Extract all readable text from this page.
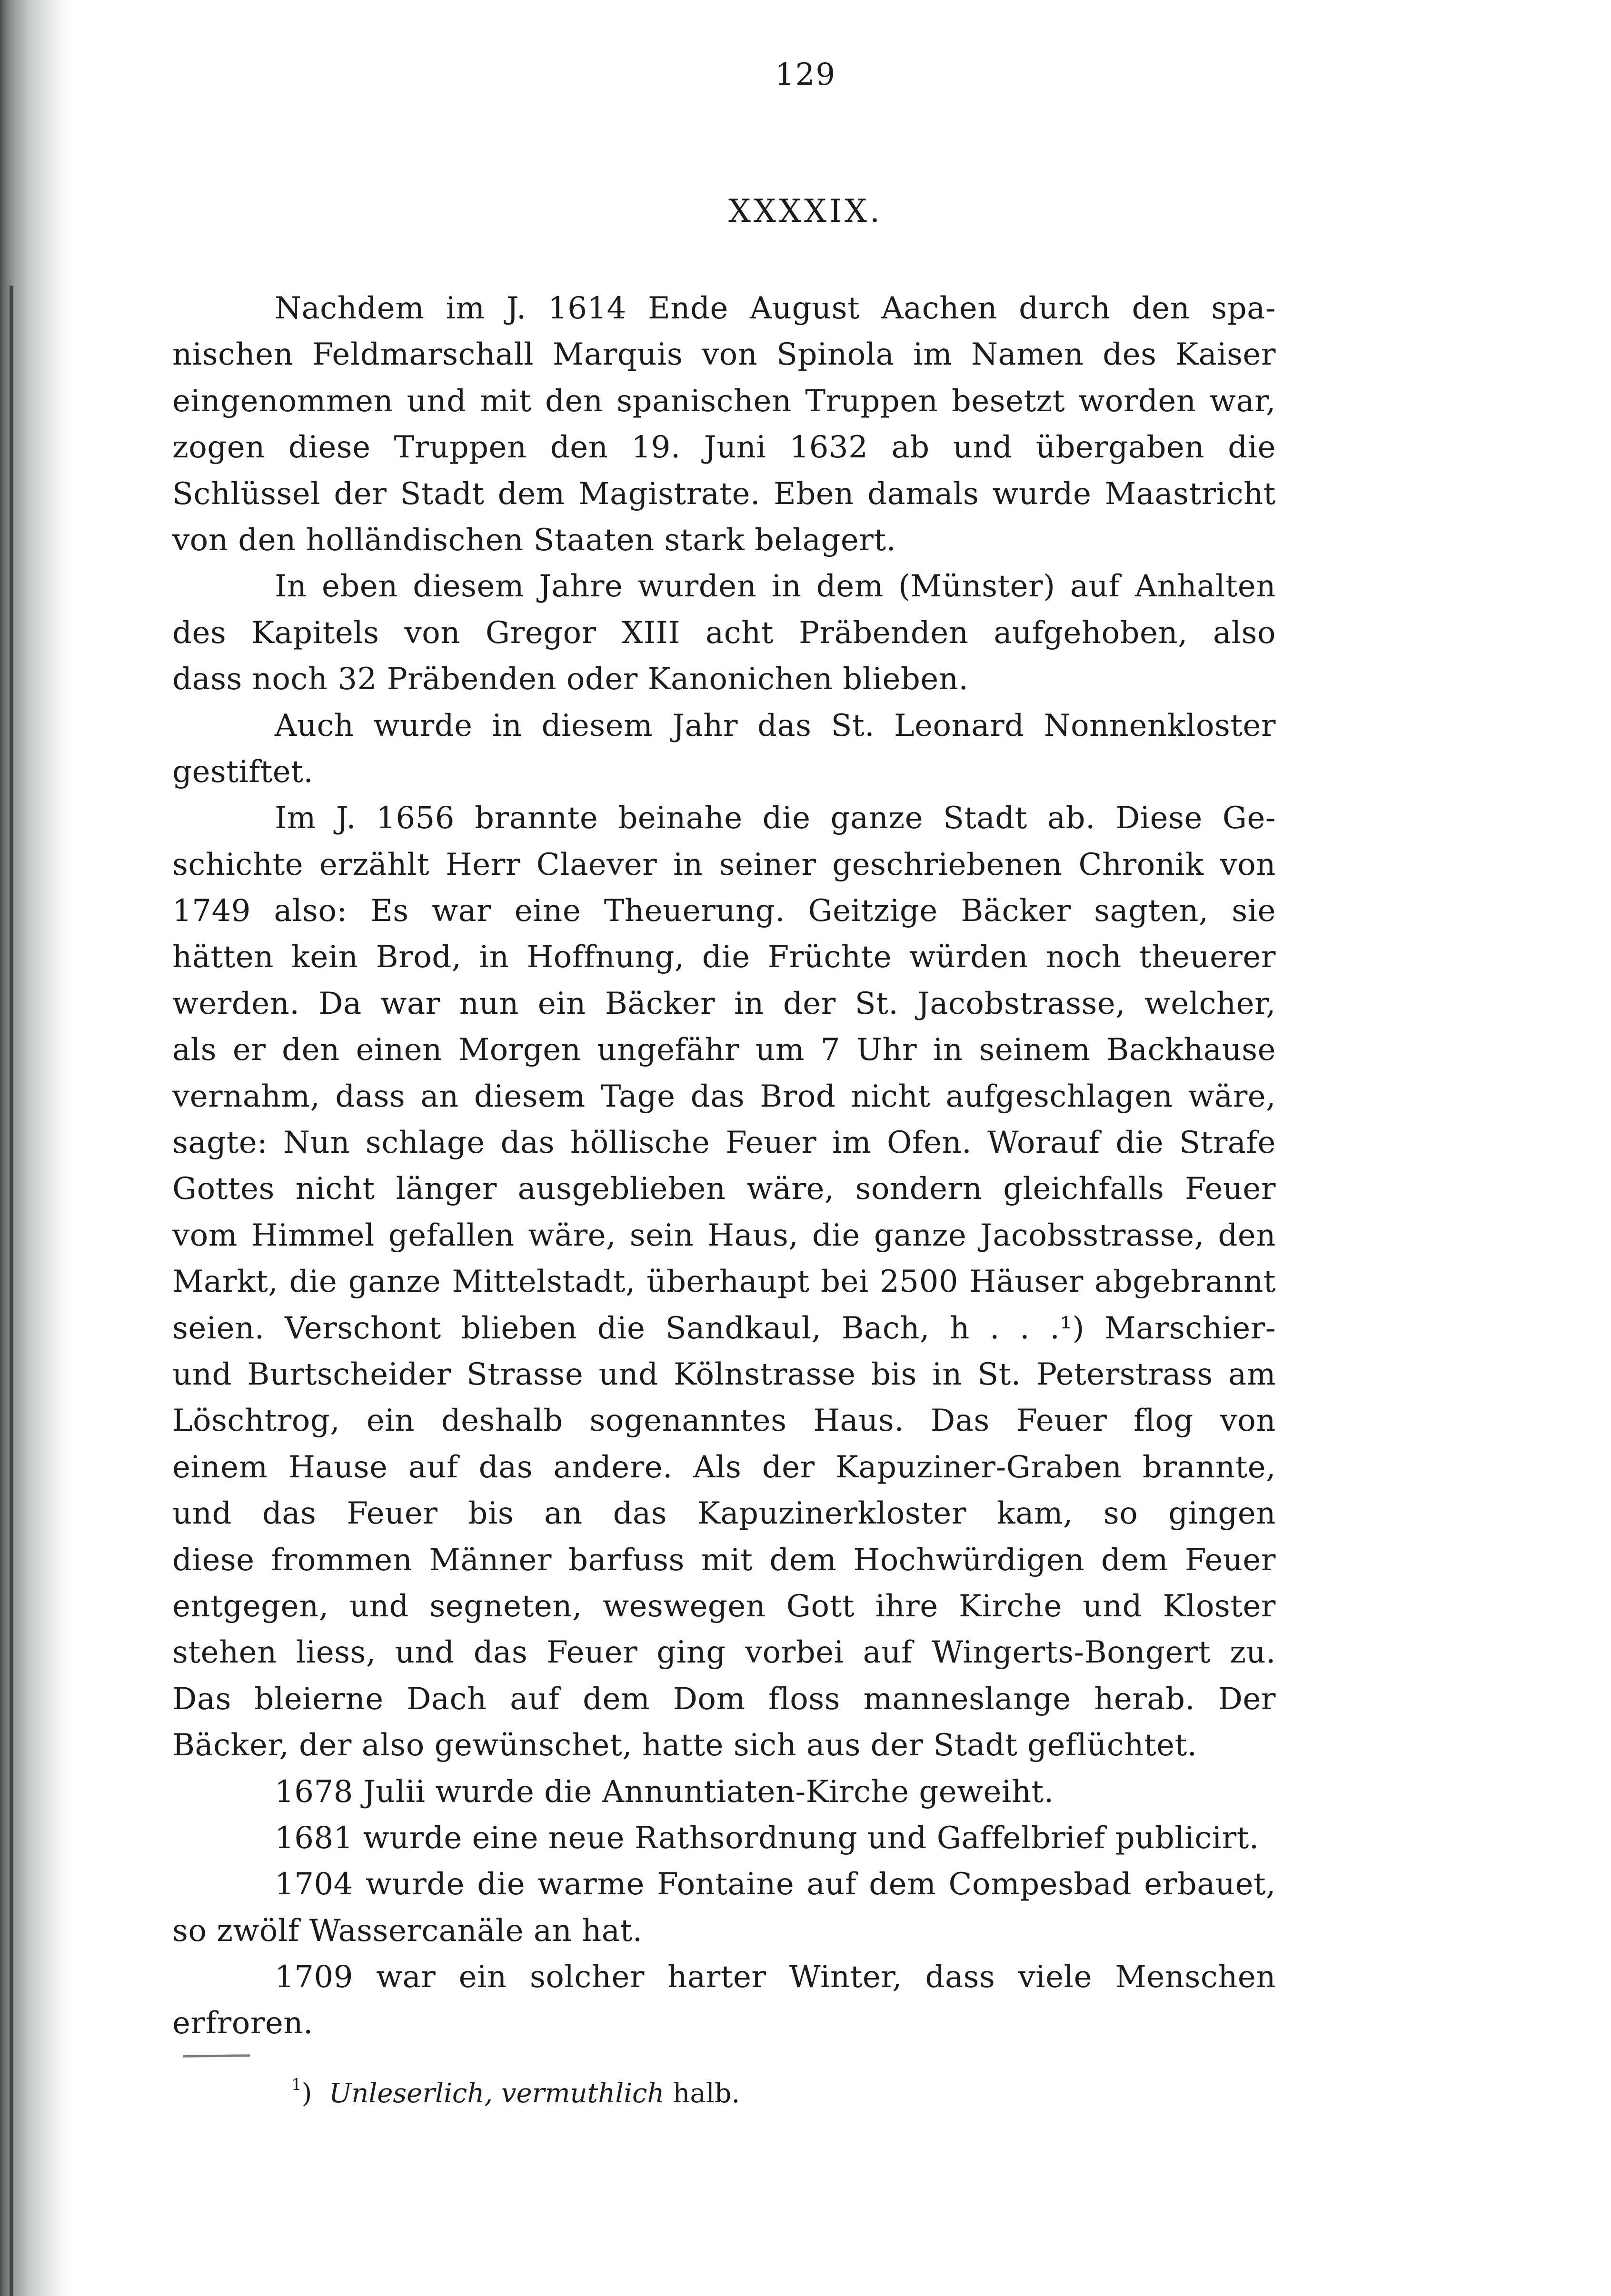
129
XXXXIX.
Nachdem im J. 1614 Ende August Aachen durch den spa-
nischen Feldmarschall Marquis von Spinola im Namen des Kaiser
eingenommen und mit den spanischen Truppen besetzt worden war,
zogen diese Truppen den 19. Juni 1632 ab und übergaben die
Schlüssel der Stadt dem Magistrate. Eben damals wurde Maastricht
von den holländischen Staaten stark belagert.
In eben diesem Jahre wurden in dem (Münster) auf Anhalten
des Kapitels von Gregor XIII acht Präbenden aufgehoben, also
dass noch 32 Präbenden oder Kanonichen blieben.
Auch wurde in diesem Jahr das St. Leonard Nonnenkloster
gestiftet.
Im J. 1656 brannte beinahe die ganze Stadt ab. Diese Ge-
schichte erzählt Herr Claever in seiner geschriebenen Chronik von
1749 also: Es war eine Theuerung. Geitzige Bäcker sagten, sie
hätten kein Brod, in Hoffnung, die Früchte würden noch theuerer
werden. Da war nun ein Bäcker in der St. Jacobstrasse, welcher,
als er den einen Morgen ungefähr um 7 Uhr in seinem Backhause
vernahm, dass an diesem Tage das Brod nicht aufgeschlagen wäre,
sagte: Nun schlage das höllische Feuer im Ofen. Worauf die Strafe
Gottes nicht länger ausgeblieben wäre, sondern gleichfalls Feuer
vom Himmel gefallen wäre, sein Haus, die ganze Jacobsstrasse, den
Markt, die ganze Mittelstadt, überhaupt bei 2500 Häuser abgebrannt
seien. Verschont blieben die Sandkaul, Bach, h . . .¹) Marschier-
und Burtscheider Strasse und Kölnstrasse bis in St. Peterstrass am
Löschtrog, ein deshalb sogenanntes Haus. Das Feuer flog von
einem Hause auf das andere. Als der Kapuziner-Graben brannte,
und das Feuer bis an das Kapuzinerkloster kam, so gingen
diese frommen Männer barfuss mit dem Hochwürdigen dem Feuer
entgegen, und segneten, weswegen Gott ihre Kirche und Kloster
stehen liess, und das Feuer ging vorbei auf Wingerts-Bongert zu.
Das bleierne Dach auf dem Dom floss manneslange herab. Der
Bäcker, der also gewünschet, hatte sich aus der Stadt geflüchtet.
1678 Julii wurde die Annuntiaten-Kirche geweiht.
1681 wurde eine neue Rathsordnung und Gaffelbrief publicirt.
1704 wurde die warme Fontaine auf dem Compesbad erbauet,
so zwölf Wassercanäle an hat.
1709 war ein solcher harter Winter, dass viele Menschen
erfroren.
$^1$)  Unleserlich, vermuthlich halb.
